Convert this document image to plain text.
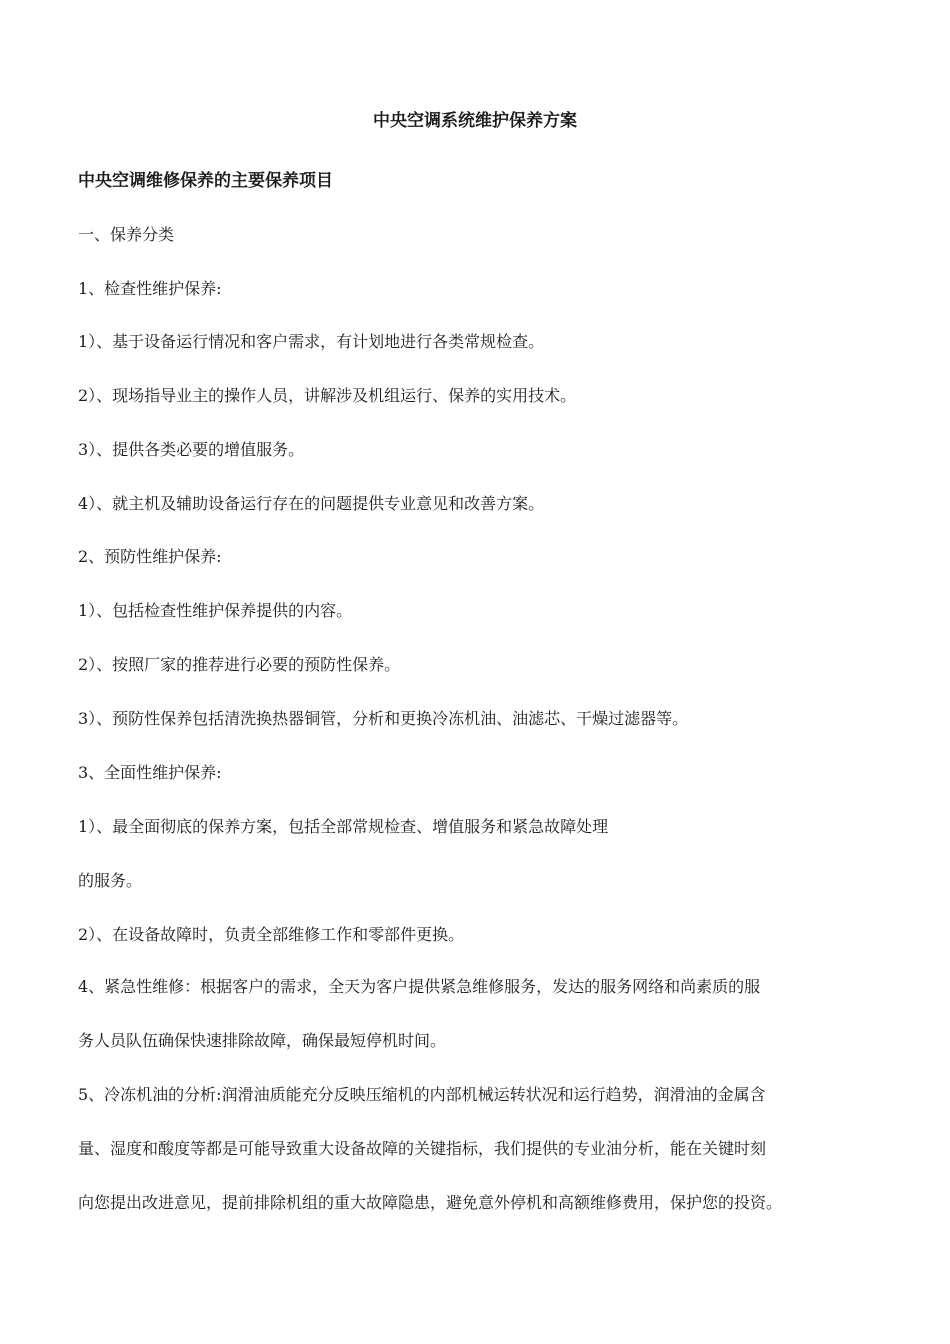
中央空调系统维护保养方案
中央空调维修保养的主要保养项目
一、保养分类
1、检查性维护保养:
1）、基于设备运行情况和客户需求，有计划地进行各类常规检查。
2）、现场指导业主的操作人员，讲解涉及机组运行、保养的实用技术。
3）、提供各类必要的增值服务。
4）、就主机及辅助设备运行存在的问题提供专业意见和改善方案。
2、预防性维护保养:
1）、包括检查性维护保养提供的内容。
2）、按照厂家的推荐进行必要的预防性保养。
3）、预防性保养包括清洗换热器铜管，分析和更换冷冻机油、油滤芯、干燥过滤器等。
3、全面性维护保养:
1）、最全面彻底的保养方案，包括全部常规检查、增值服务和紧急故障处理
的服务。
2）、在设备故障时，负责全部维修工作和零部件更换。
4、紧急性维修：根据客户的需求，全天为客户提供紧急维修服务，发达的服务网络和尚素质的服
务人员队伍确保快速排除故障，确保最短停机时间。
5、冷冻机油的分析:润滑油质能充分反映压缩机的内部机械运转状况和运行趋势，润滑油的金属含
量、湿度和酸度等都是可能导致重大设备故障的关键指标，我们提供的专业油分析，能在关键时刻
向您提出改进意见，提前排除机组的重大故障隐患，避免意外停机和高额维修费用，保护您的投资。
